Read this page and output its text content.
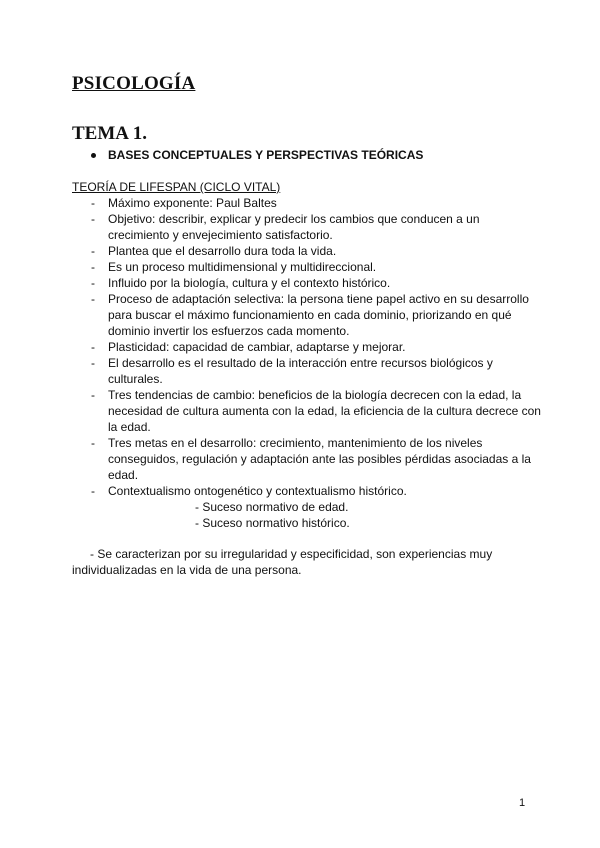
PSICOLOGÍA
TEMA 1.
BASES CONCEPTUALES Y PERSPECTIVAS TEÓRICAS

TEORÍA DE LIFESPAN (CICLO VITAL)

- Máximo exponente: Paul Baltes
- Objetivo: describir, explicar y predecir los cambios que conducen a un crecimiento y envejecimiento satisfactorio.
- Plantea que el desarrollo dura toda la vida.
- Es un proceso multidimensional y multidireccional.
- Influido por la biología, cultura y el contexto histórico.
- Proceso de adaptación selectiva: la persona tiene papel activo en su desarrollo para buscar el máximo funcionamiento en cada dominio, priorizando en qué dominio invertir los esfuerzos cada momento.
- Plasticidad: capacidad de cambiar, adaptarse y mejorar.
- El desarrollo es el resultado de la interacción entre recursos biológicos y culturales.
- Tres tendencias de cambio: beneficios de la biología decrecen con la edad, la necesidad de cultura aumenta con la edad, la eficiencia de la cultura decrece con la edad.
- Tres metas en el desarrollo: crecimiento, mantenimiento de los niveles conseguidos, regulación y adaptación ante las posibles pérdidas asociadas a la edad.
- Contextualismo ontogenético y contextualismo histórico.
- Suceso normativo de edad.
- Suceso normativo histórico.

- Se caracterizan por su irregularidad y especificidad, son experiencias muy individualizadas en la vida de una persona.

1
